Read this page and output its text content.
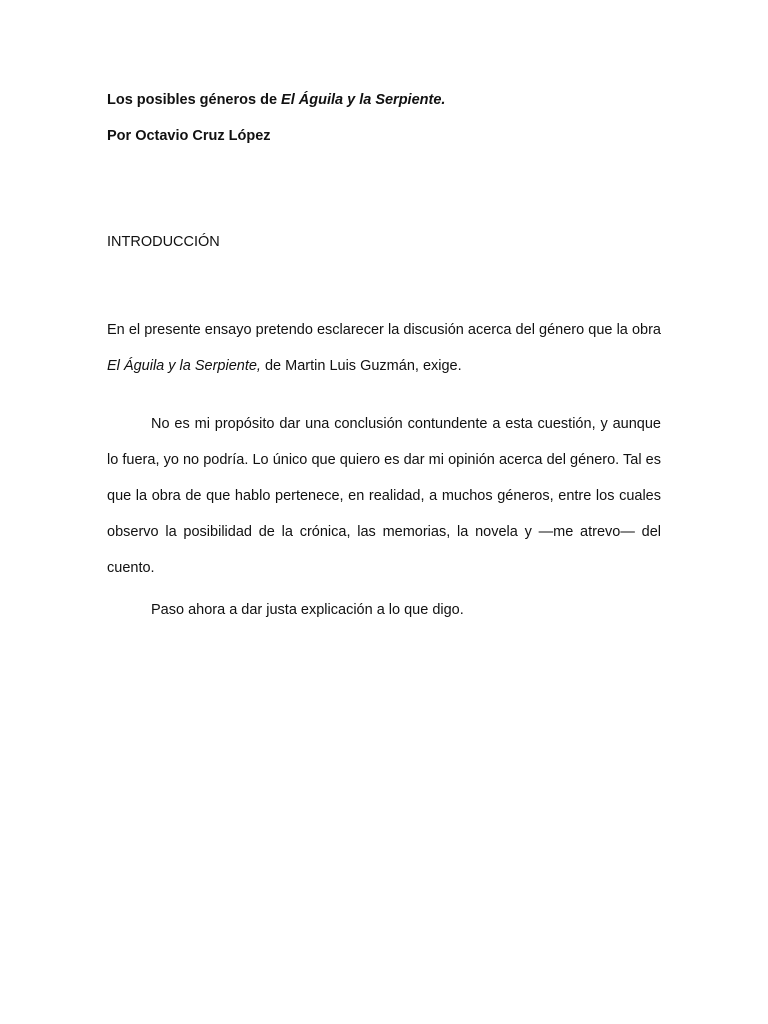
Los posibles géneros de El Águila y la Serpiente.
Por Octavio Cruz López
INTRODUCCIÓN

En el presente ensayo pretendo esclarecer la discusión acerca del género que la obra El Águila y la Serpiente, de Martin Luis Guzmán, exige.

No es mi propósito dar una conclusión contundente a esta cuestión, y aunque lo fuera, yo no podría. Lo único que quiero es dar mi opinión acerca del género. Tal es que la obra de que hablo pertenece, en realidad, a muchos géneros, entre los cuales observo la posibilidad de la crónica, las memorias, la novela y —me atrevo— del cuento.

Paso ahora a dar justa explicación a lo que digo.
